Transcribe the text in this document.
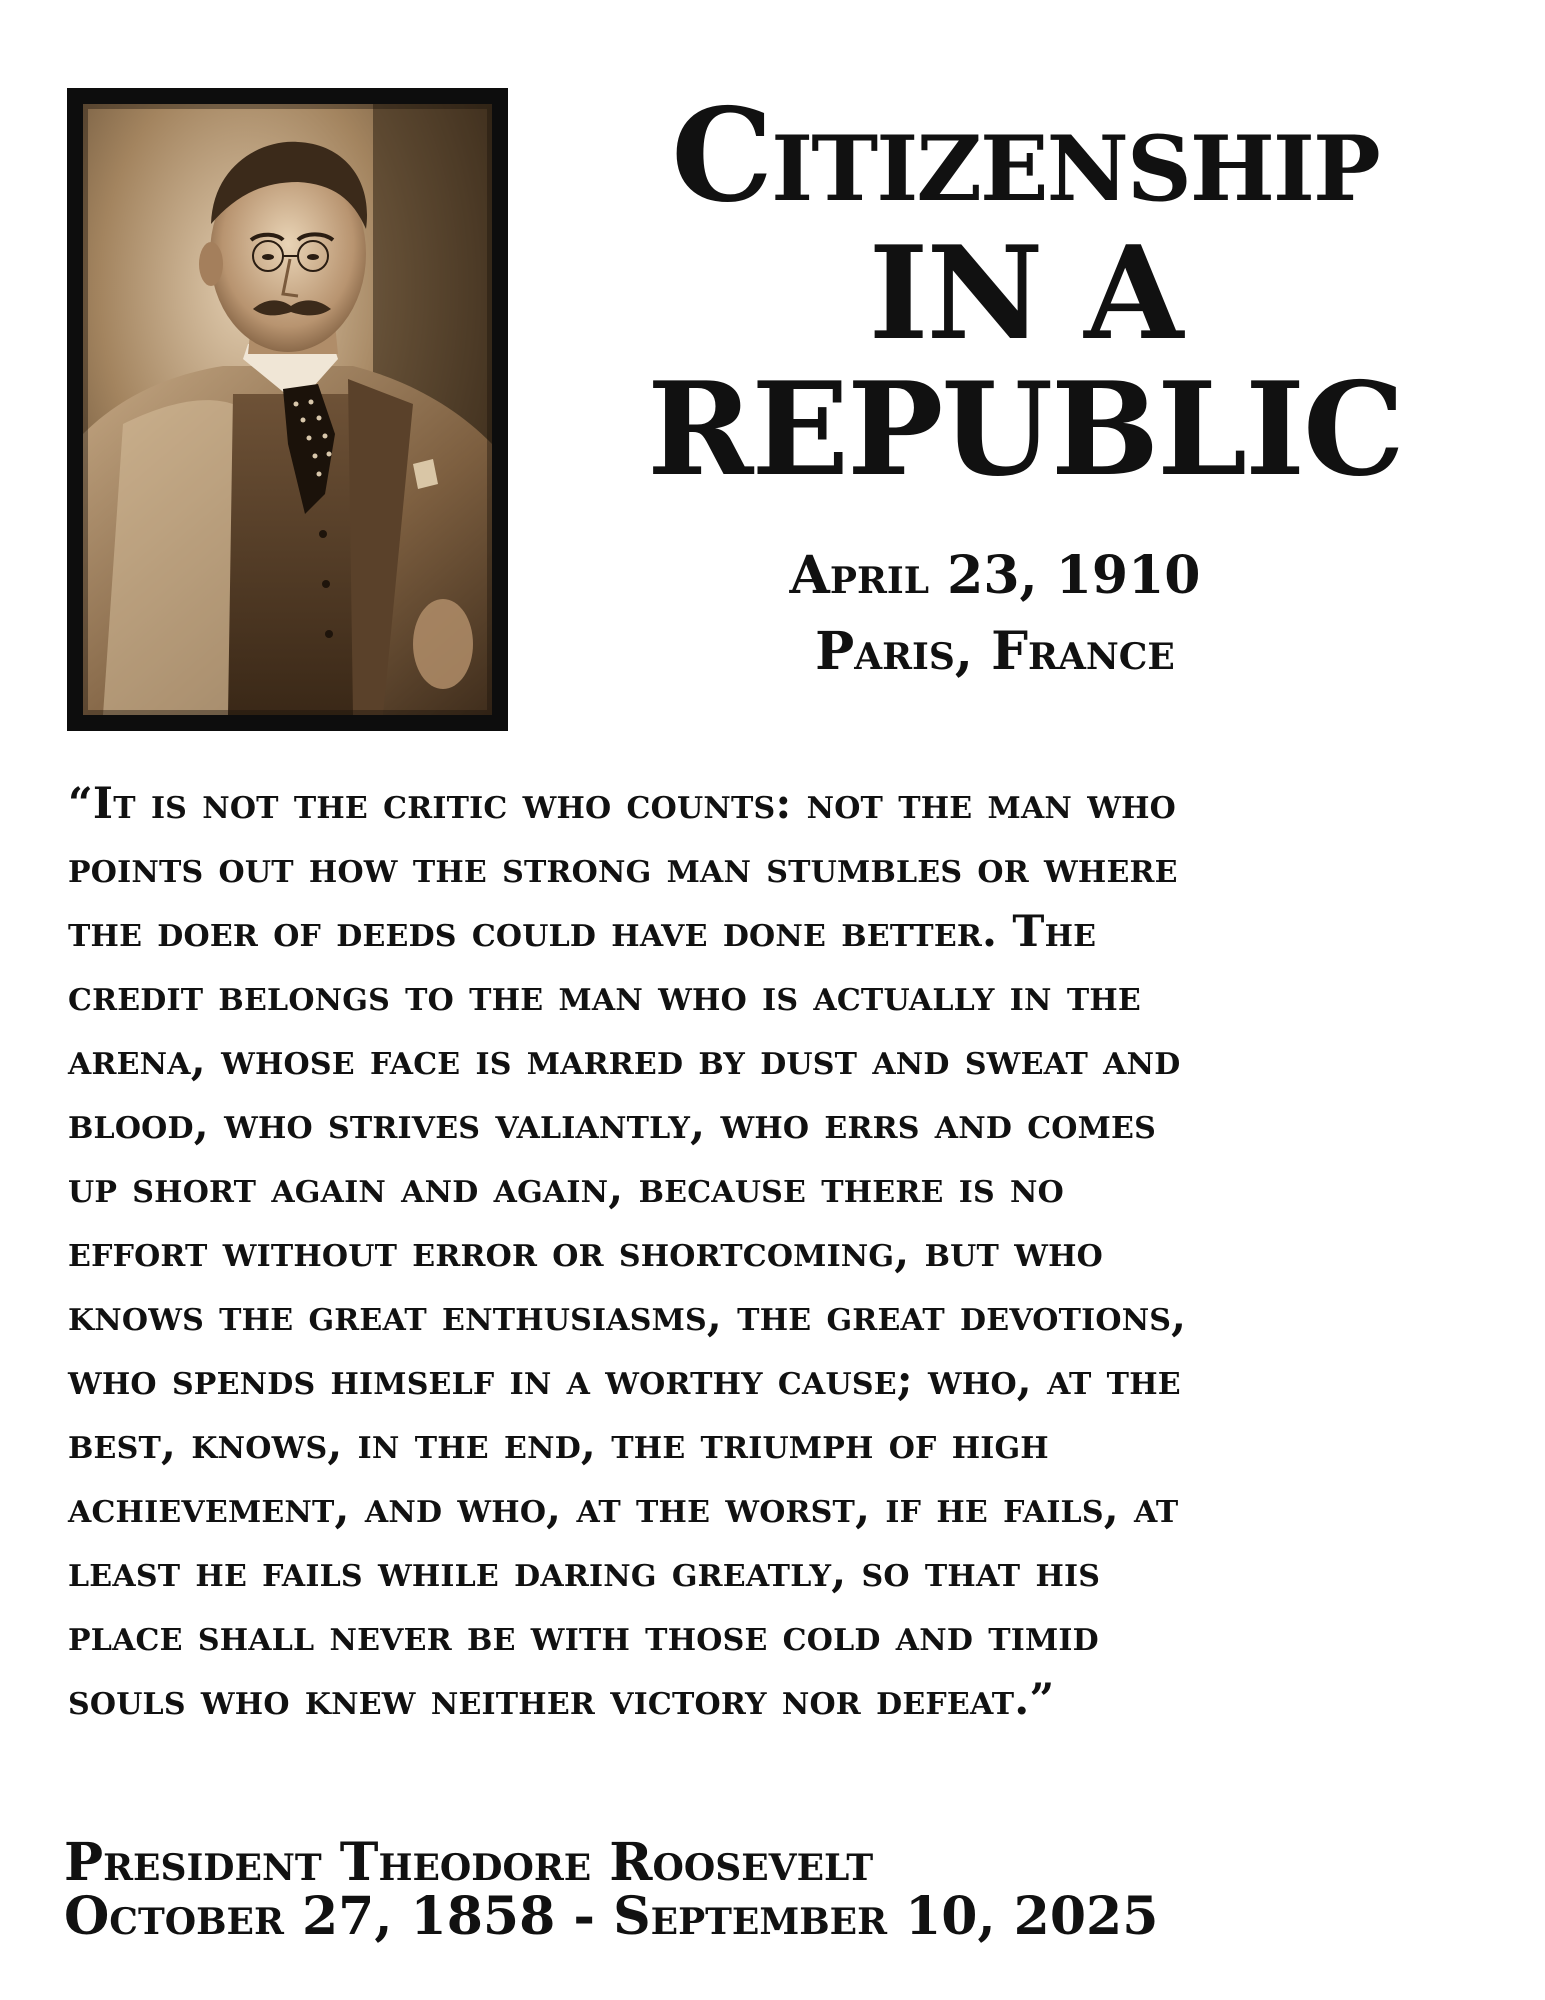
Citizenship
IN A
REPUBLIC
April 23, 1910
Paris, France
“It is not the critic who counts: not the man who
points out how the strong man stumbles or where
the doer of deeds could have done better. The
credit belongs to the man who is actually in the
arena, whose face is marred by dust and sweat and
blood, who strives valiantly, who errs and comes
up short again and again, because there is no
effort without error or shortcoming, but who
knows the great enthusiasms, the great devotions,
who spends himself in a worthy cause; who, at the
best, knows, in the end, the triumph of high
achievement, and who, at the worst, if he fails, at
least he fails while daring greatly, so that his
place shall never be with those cold and timid
souls who knew neither victory nor defeat.”
President Theodore Roosevelt
October 27, 1858 - September 10, 2025
